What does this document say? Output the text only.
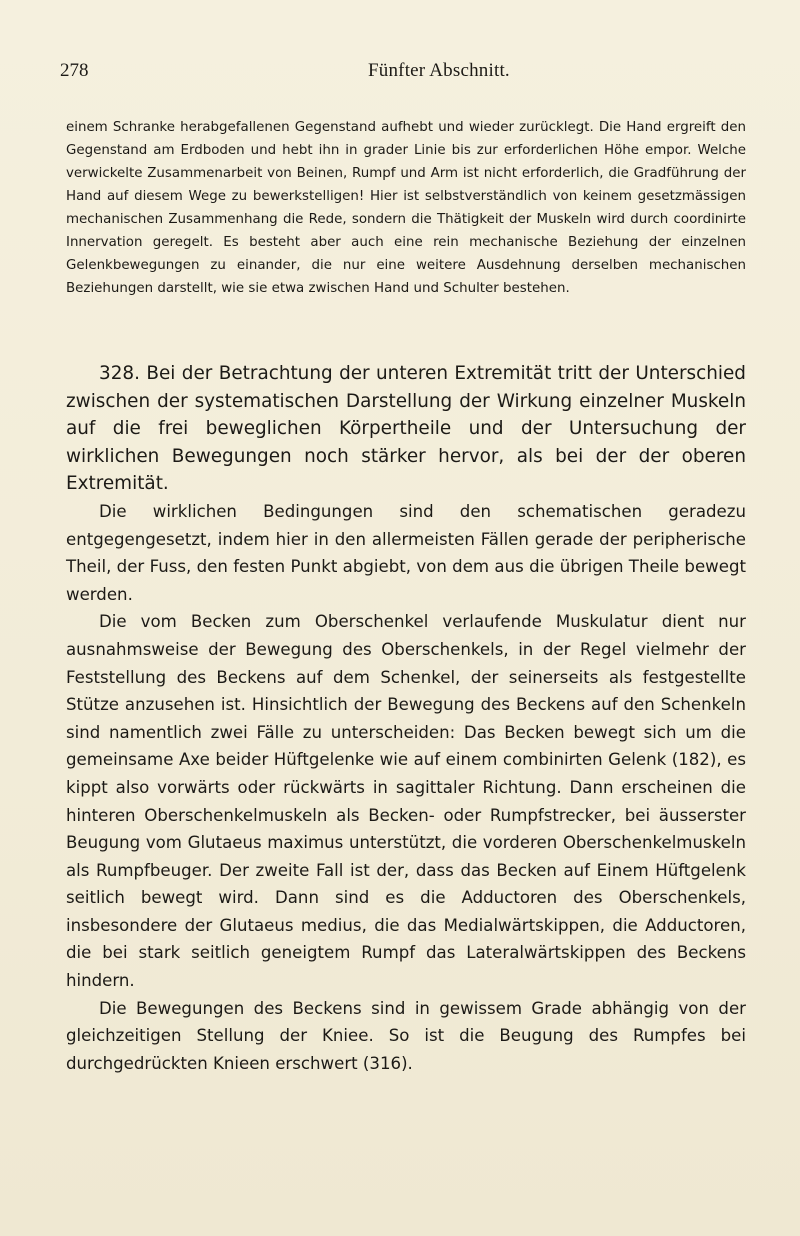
278	Fünfter Abschnitt.

einem Schranke herabgefallenen Gegenstand aufhebt und wieder zurücklegt. Die Hand ergreift den Gegenstand am Erdboden und hebt ihn in grader Linie bis zur erforderlichen Höhe empor. Welche verwickelte Zusammenarbeit von Beinen, Rumpf und Arm ist nicht erforderlich, die Gradführung der Hand auf diesem Wege zu bewerkstelligen! Hier ist selbstverständlich von keinem gesetzmässigen mechanischen Zusammenhang die Rede, sondern die Thätigkeit der Muskeln wird durch coordinirte Innervation geregelt. Es besteht aber auch eine rein mechanische Beziehung der einzelnen Gelenkbewegungen zu einander, die nur eine weitere Ausdehnung derselben mechanischen Beziehungen darstellt, wie sie etwa zwischen Hand und Schulter bestehen.

328. Bei der Betrachtung der unteren Extremität tritt der Unterschied zwischen der systematischen Darstellung der Wirkung einzelner Muskeln auf die frei beweglichen Körpertheile und der Untersuchung der wirklichen Bewegungen noch stärker hervor, als bei der der oberen Extremität.

Die wirklichen Bedingungen sind den schematischen geradezu entgegengesetzt, indem hier in den allermeisten Fällen gerade der peripherische Theil, der Fuss, den festen Punkt abgiebt, von dem aus die übrigen Theile bewegt werden.

Die vom Becken zum Oberschenkel verlaufende Muskulatur dient nur ausnahmsweise der Bewegung des Oberschenkels, in der Regel vielmehr der Feststellung des Beckens auf dem Schenkel, der seinerseits als festgestellte Stütze anzusehen ist. Hinsichtlich der Bewegung des Beckens auf den Schenkeln sind namentlich zwei Fälle zu unterscheiden: Das Becken bewegt sich um die gemeinsame Axe beider Hüftgelenke wie auf einem combinirten Gelenk (182), es kippt also vorwärts oder rückwärts in sagittaler Richtung. Dann erscheinen die hinteren Oberschenkelmuskeln als Becken- oder Rumpfstrecker, bei äusserster Beugung vom Glutaeus maximus unterstützt, die vorderen Oberschenkelmuskeln als Rumpfbeuger. Der zweite Fall ist der, dass das Becken auf Einem Hüftgelenk seitlich bewegt wird. Dann sind es die Adductoren des Oberschenkels, insbesondere der Glutaeus medius, die das Medialwärtskippen, die Adductoren, die bei stark seitlich geneigtem Rumpf das Lateralwärtskippen des Beckens hindern.

Die Bewegungen des Beckens sind in gewissem Grade abhängig von der gleichzeitigen Stellung der Kniee. So ist die Beugung des Rumpfes bei durchgedrückten Knieen erschwert (316).
